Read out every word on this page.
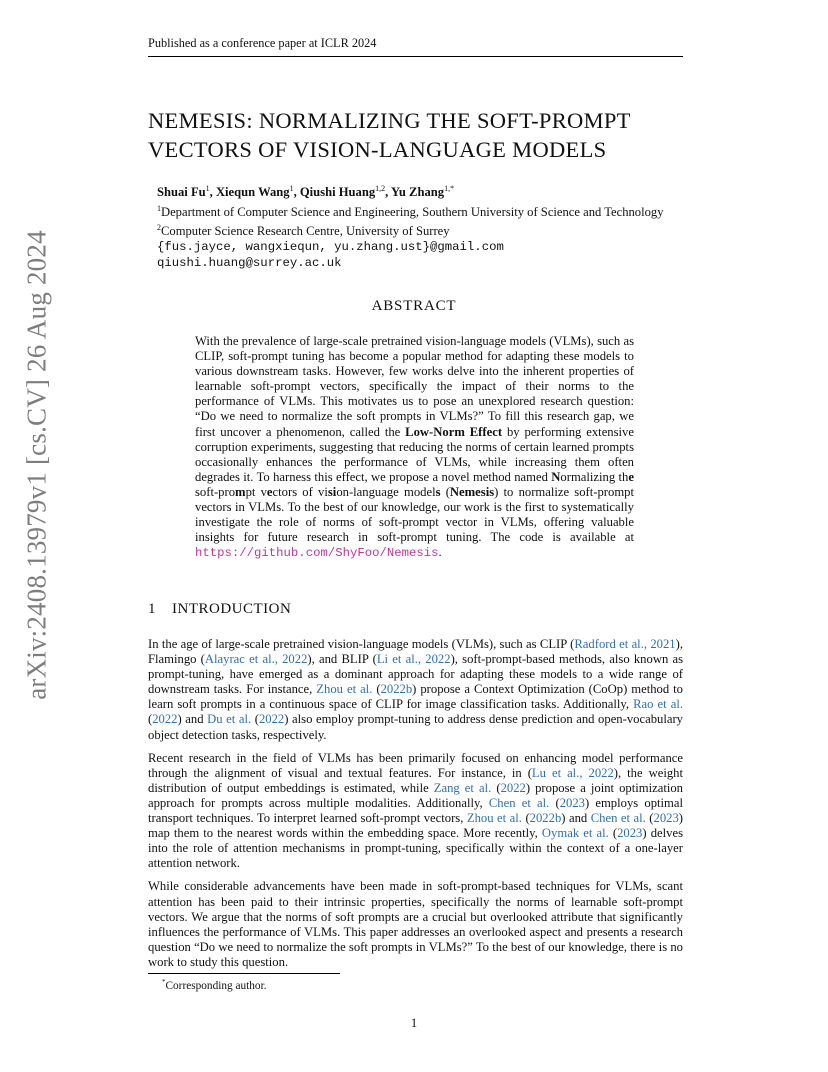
Published as a conference paper at ICLR 2024
arXiv:2408.13979v1 [cs.CV] 26 Aug 2024
NEMESIS: NORMALIZING THE SOFT-PROMPT
VECTORS OF VISION-LANGUAGE MODELS
Shuai Fu$^1$, Xiequn Wang$^1$, Qiushi Huang$^{1,2}$, Yu Zhang$^{1,*}$
$^1$Department of Computer Science and Engineering, Southern University of Science and Technology
$^2$Computer Science Research Centre, University of Surrey
{fus.jayce, wangxiequn, yu.zhang.ust}@gmail.com
qiushi.huang@surrey.ac.uk
ABSTRACT
With the prevalence of large-scale pretrained vision-language models (VLMs), such as CLIP, soft-prompt tuning has become a popular method for adapting these models to various downstream tasks. However, few works delve into the inherent properties of learnable soft-prompt vectors, specifically the impact of their norms to the performance of VLMs. This motivates us to pose an unexplored research question: “Do we need to normalize the soft prompts in VLMs?” To fill this research gap, we first uncover a phenomenon, called the Low-Norm Effect by performing extensive corruption experiments, suggesting that reducing the norms of certain learned prompts occasionally enhances the performance of VLMs, while increasing them often degrades it. To harness this effect, we propose a novel method named Normalizing the soft-prompt vectors of vision-language models (Nemesis) to normalize soft-prompt vectors in VLMs. To the best of our knowledge, our work is the first to systematically investigate the role of norms of soft-prompt vector in VLMs, offering valuable insights for future research in soft-prompt tuning. The code is available at https://github.com/ShyFoo/Nemesis.
1 INTRODUCTION

In the age of large-scale pretrained vision-language models (VLMs), such as CLIP (Radford et al., 2021), Flamingo (Alayrac et al., 2022), and BLIP (Li et al., 2022), soft-prompt-based methods, also known as prompt-tuning, have emerged as a dominant approach for adapting these models to a wide range of downstream tasks. For instance, Zhou et al. (2022b) propose a Context Optimization (CoOp) method to learn soft prompts in a continuous space of CLIP for image classification tasks. Additionally, Rao et al. (2022) and Du et al. (2022) also employ prompt-tuning to address dense prediction and open-vocabulary object detection tasks, respectively.

Recent research in the field of VLMs has been primarily focused on enhancing model performance through the alignment of visual and textual features. For instance, in (Lu et al., 2022), the weight distribution of output embeddings is estimated, while Zang et al. (2022) propose a joint optimization approach for prompts across multiple modalities. Additionally, Chen et al. (2023) employs optimal transport techniques. To interpret learned soft-prompt vectors, Zhou et al. (2022b) and Chen et al. (2023) map them to the nearest words within the embedding space. More recently, Oymak et al. (2023) delves into the role of attention mechanisms in prompt-tuning, specifically within the context of a one-layer attention network.

While considerable advancements have been made in soft-prompt-based techniques for VLMs, scant attention has been paid to their intrinsic properties, specifically the norms of learnable soft-prompt vectors. We argue that the norms of soft prompts are a crucial but overlooked attribute that significantly influences the performance of VLMs. This paper addresses an overlooked aspect and presents a research question “Do we need to normalize the soft prompts in VLMs?” To the best of our knowledge, there is no work to study this question.

*Corresponding author.
1
